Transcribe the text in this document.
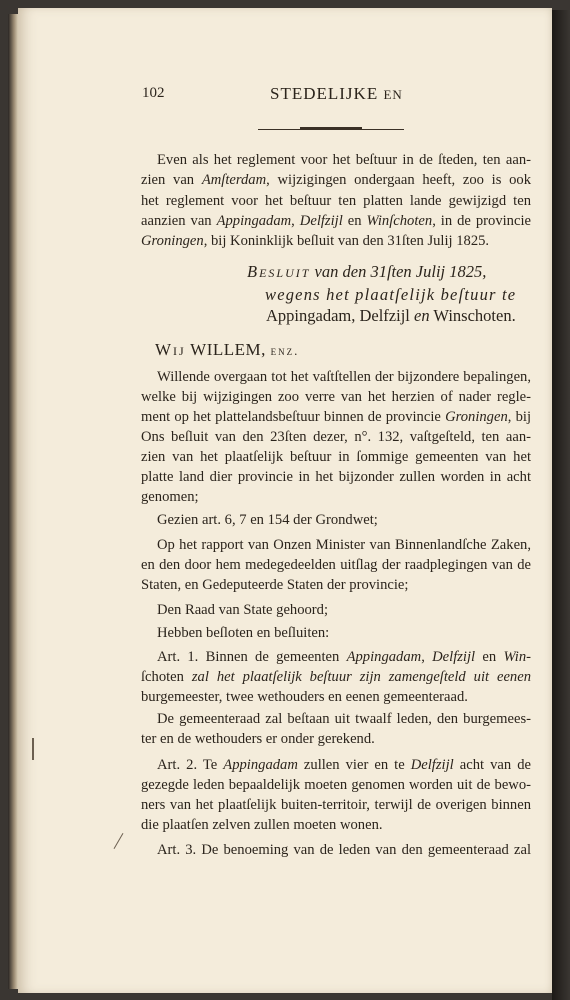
102	STEDELIJKE EN
Even als het reglement voor het beſtuur in de ſteden, ten aan-
zien van Amſterdam, wijzigingen ondergaan heeft, zoo is ook
het reglement voor het beſtuur ten platten lande gewijzigd ten
aanzien van Appingadam, Delfzijl en Winſchoten, in de provincie
Groningen, bij Koninklijk beſluit van den 31ſten Julij 1825.
Besluit van den 31ſten Julij 1825,
wegens het plaatſelijk beſtuur te
Appingadam, Delfzijl en Winschoten.
Wij WILLEM, enz.
Willende overgaan tot het vaſtſtellen der bijzondere bepalingen,
welke bij wijzigingen zoo verre van het herzien of nader regle-
ment op het plattelandsbeſtuur binnen de provincie Groningen, bij
Ons beſluit van den 23ſten dezer, n°. 132, vaſtgeſteld, ten aan-
zien van het plaatſelijk beſtuur in ſommige gemeenten van het
platte land dier provincie in het bijzonder zullen worden in acht
genomen;
Gezien art. 6, 7 en 154 der Grondwet;
Op het rapport van Onzen Minister van Binnenlandſche Zaken,
en den door hem medegedeelden uitſlag der raadplegingen van de
Staten, en Gedeputeerde Staten der provincie;
Den Raad van State gehoord;
Hebben beſloten en beſluiten:
Art. 1. Binnen de gemeenten Appingadam, Delfzijl en Win-
ſchoten zal het plaatſelijk beſtuur zijn zamengeſteld uit eenen
burgemeester, twee wethouders en eenen gemeenteraad.
De gemeenteraad zal beſtaan uit twaalf leden, den burgemees-
ter en de wethouders er onder gerekend.
Art. 2. Te Appingadam zullen vier en te Delfzijl acht van de
gezegde leden bepaaldelijk moeten genomen worden uit de bewo-
ners van het plaatſelijk buiten-territoir, terwijl de overigen binnen
die plaatſen zelven zullen moeten wonen.
Art. 3. De benoeming van de leden van den gemeenteraad zal
